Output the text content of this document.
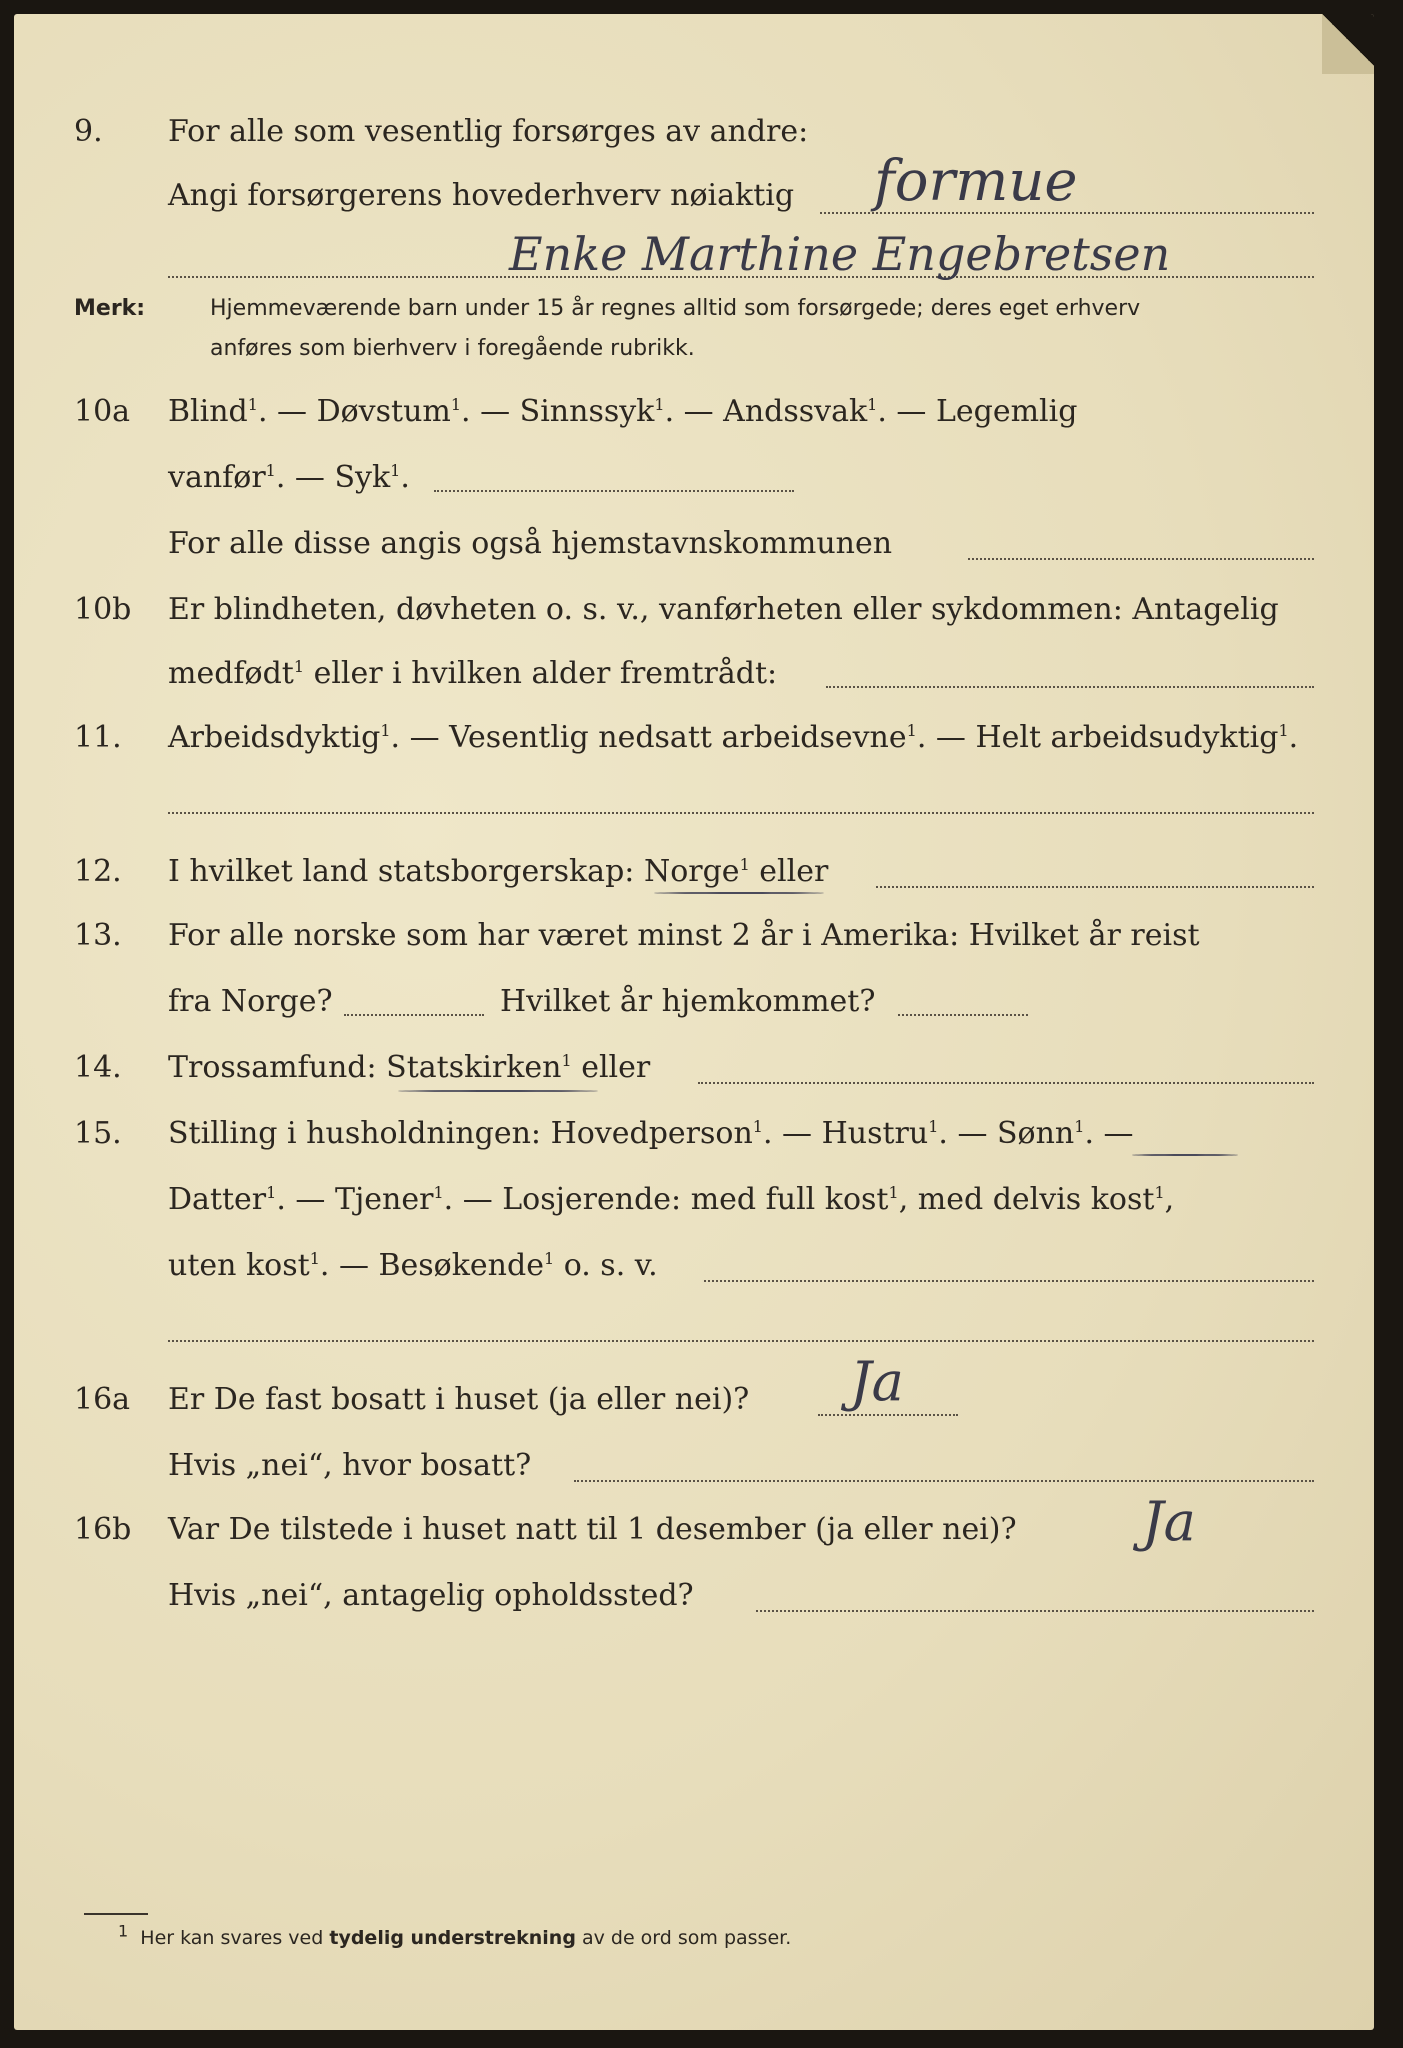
9. For alle som vesentlig forsørges av andre:
Angi forsørgerens hovederhverv nøiaktig formue
Enke Marthine Engebretsen
Merk:	Hjemmeværende barn under 15 år regnes alltid som forsørgede; deres eget erhverv
anføres som bierhverv i foregående rubrikk.
10a Blind$^1$. — Døvstum$^1$. — Sinnssyk$^1$. — Andssvak$^1$. — Legemlig
vanfør$^1$. — Syk$^1$.
For alle disse angis også hjemstavnskommunen
10b Er blindheten, døvheten o. s. v., vanførheten eller sykdommen: Antagelig
medfødt$^1$ eller i hvilken alder fremtrådt:
11. Arbeidsdyktig$^1$. — Vesentlig nedsatt arbeidsevne$^1$. — Helt arbeidsudyktig$^1$.
12. I hvilket land statsborgerskap: Norge$^1$ eller
13. For alle norske som har været minst 2 år i Amerika: Hvilket år reist
fra Norge?	Hvilket år hjemkommet?
14. Trossamfund: Statskirken$^1$ eller
15. Stilling i husholdningen: Hovedperson$^1$. — Hustru$^1$. — Sønn$^1$. —
Datter$^1$. — Tjener$^1$. — Losjerende: med full kost$^1$, med delvis kost$^1$,
uten kost$^1$. — Besøkende$^1$ o. s. v.
16a Er De fast bosatt i huset (ja eller nei)? Ja
Hvis „nei“, hvor bosatt?
16b Var De tilstede i huset natt til 1 desember (ja eller nei)? Ja
Hvis „nei“, antagelig opholdssted?
$^1$ Her kan svares ved tydelig understrekning av de ord som passer.
